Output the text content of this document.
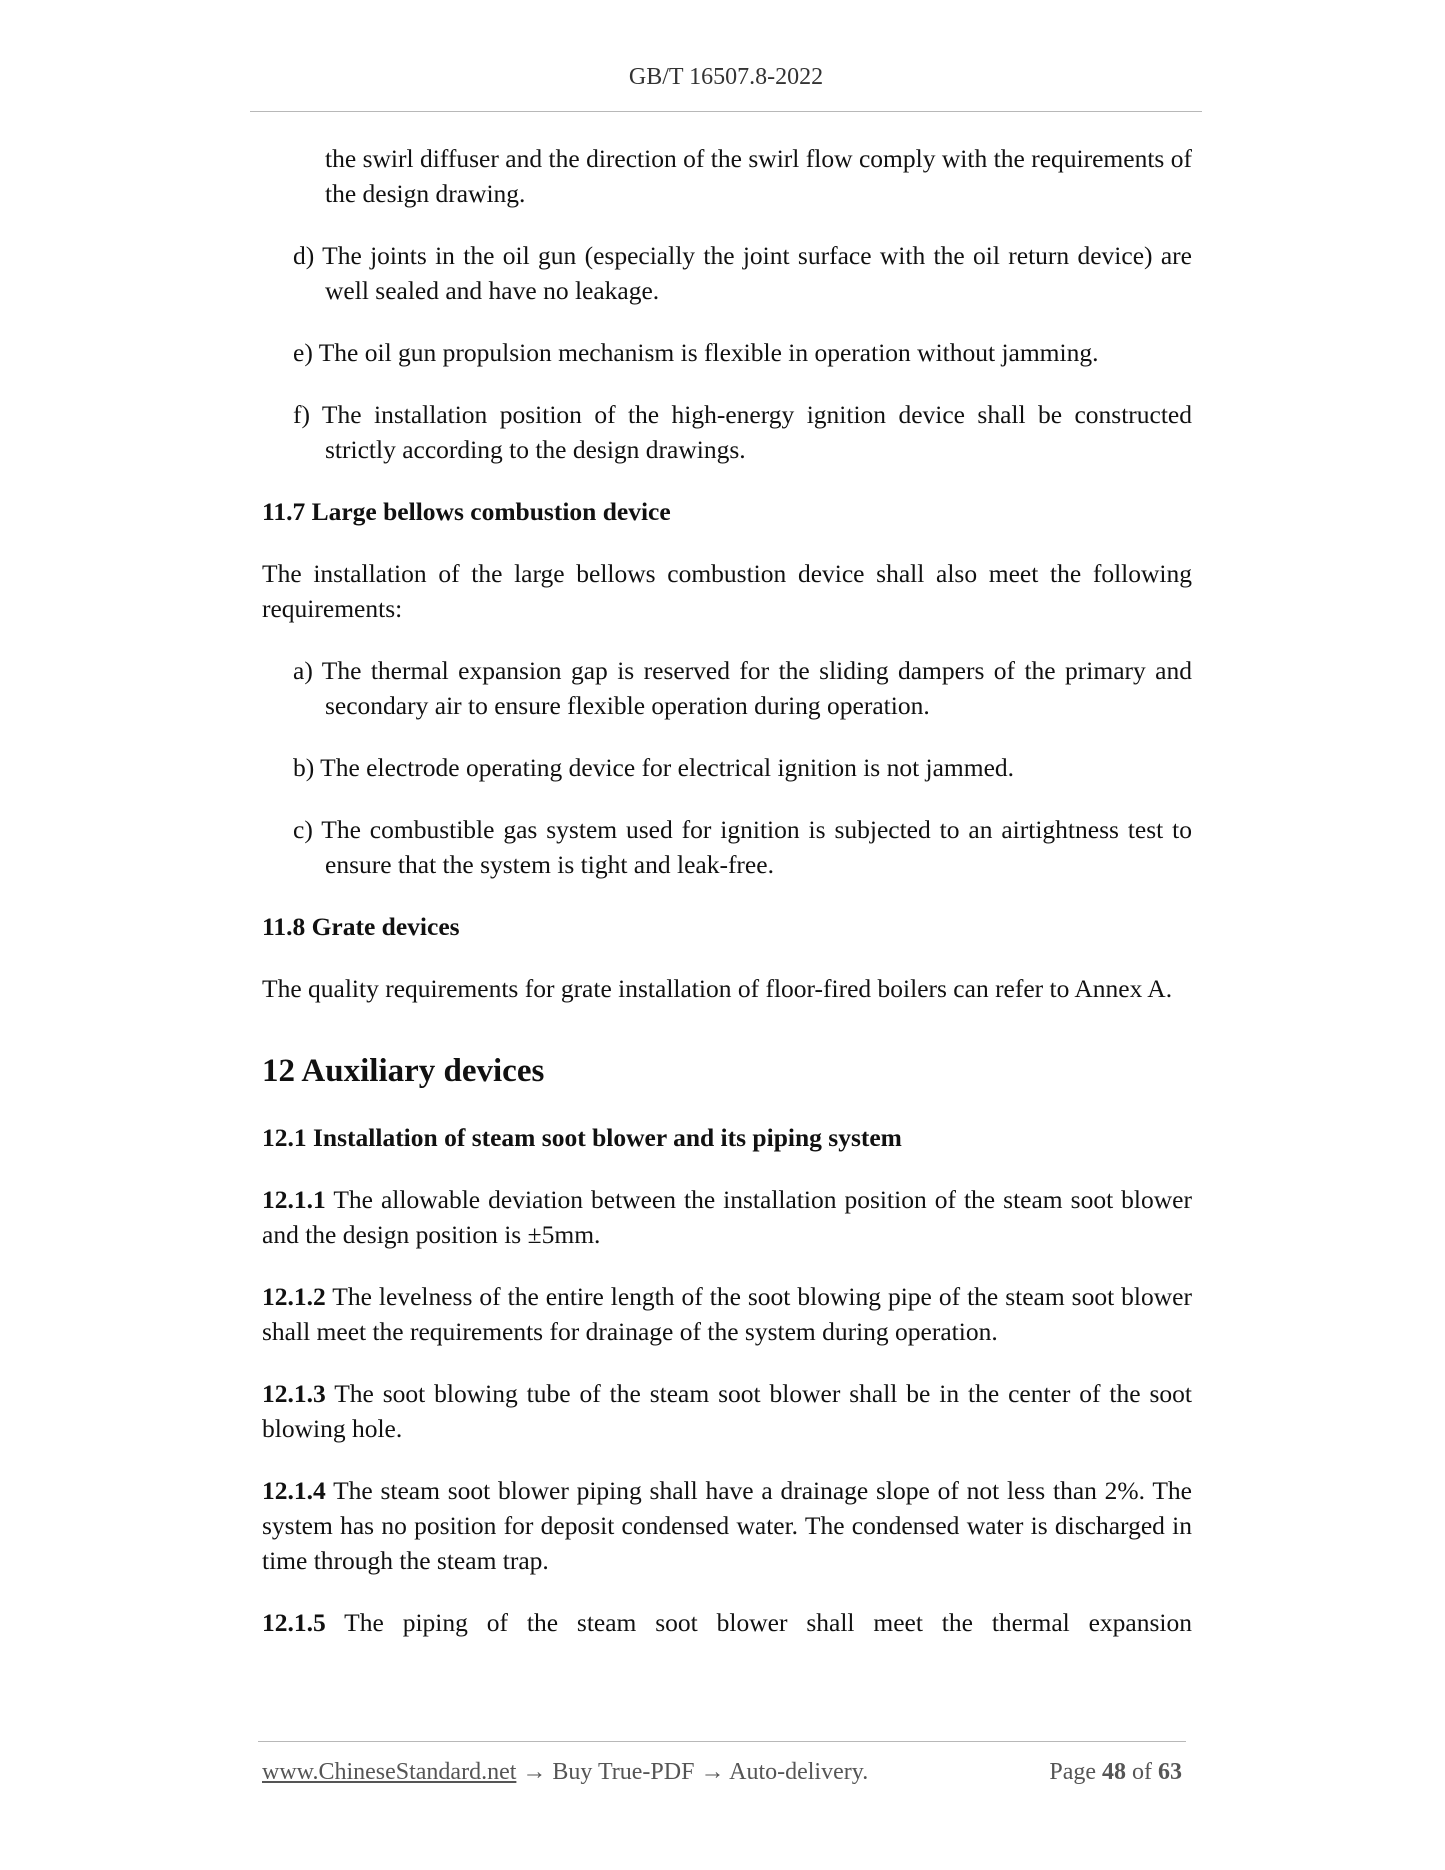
GB/T 16507.8-2022
the swirl diffuser and the direction of the swirl flow comply with the requirements of the design drawing.
d) The joints in the oil gun (especially the joint surface with the oil return device) are well sealed and have no leakage.
e) The oil gun propulsion mechanism is flexible in operation without jamming.
f) The installation position of the high-energy ignition device shall be constructed strictly according to the design drawings.
11.7 Large bellows combustion device
The installation of the large bellows combustion device shall also meet the following requirements:
a) The thermal expansion gap is reserved for the sliding dampers of the primary and secondary air to ensure flexible operation during operation.
b) The electrode operating device for electrical ignition is not jammed.
c) The combustible gas system used for ignition is subjected to an airtightness test to ensure that the system is tight and leak-free.
11.8 Grate devices
The quality requirements for grate installation of floor-fired boilers can refer to Annex A.
12 Auxiliary devices
12.1 Installation of steam soot blower and its piping system
12.1.1 The allowable deviation between the installation position of the steam soot blower and the design position is ±5mm.
12.1.2 The levelness of the entire length of the soot blowing pipe of the steam soot blower shall meet the requirements for drainage of the system during operation.
12.1.3 The soot blowing tube of the steam soot blower shall be in the center of the soot blowing hole.
12.1.4 The steam soot blower piping shall have a drainage slope of not less than 2%. The system has no position for deposit condensed water. The condensed water is discharged in time through the steam trap.
12.1.5 The piping of the steam soot blower shall meet the thermal expansion
www.ChineseStandard.net → Buy True-PDF → Auto-delivery.	Page 48 of 63
